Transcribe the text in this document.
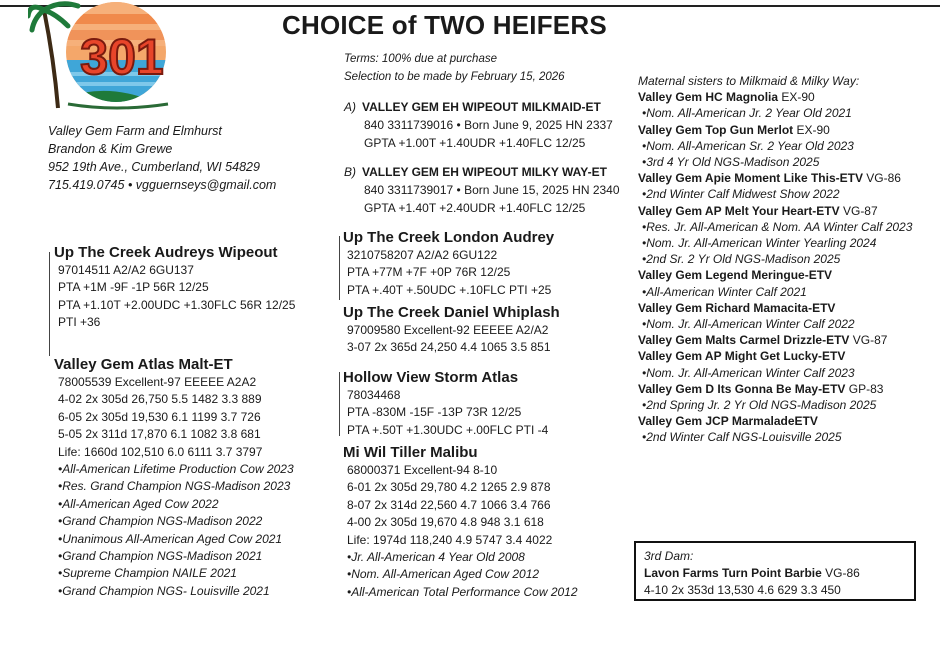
301
CHOICE of TWO HEIFERS
Valley Gem Farm and Elmhurst
Brandon & Kim Grewe
952 19th Ave., Cumberland, WI 54829
715.419.0745 • vgguernseys@gmail.com
Terms: 100% due at purchase
Selection to be made by February 15, 2026
A) VALLEY GEM EH WIPEOUT MILKMAID-ET
840 3311739016 • Born June 9, 2025 HN 2337
GPTA +1.00T +1.40UDR +1.40FLC 12/25
B) VALLEY GEM EH WIPEOUT MILKY WAY-ET
840 3311739017 • Born June 15, 2025 HN 2340
GPTA +1.40T +2.40UDR +1.40FLC 12/25
Up The Creek Audreys Wipeout
97014511 A2/A2 6GU137
PTA +1M -9F -1P 56R 12/25
PTA +1.10T +2.00UDC +1.30FLC 56R 12/25
PTI +36
Valley Gem Atlas Malt-ET
78005539 Excellent-97 EEEEE A2A2
4-02 2x 305d 26,750 5.5 1482 3.3 889
6-05 2x 305d 19,530 6.1 1199 3.7 726
5-05 2x 311d 17,870 6.1 1082 3.8 681
Life: 1660d 102,510 6.0 6111 3.7 3797
•All-American Lifetime Production Cow 2023
•Res. Grand Champion NGS-Madison 2023
•All-American Aged Cow 2022
•Grand Champion NGS-Madison 2022
•Unanimous All-American Aged Cow 2021
•Grand Champion NGS-Madison 2021
•Supreme Champion NAILE 2021
•Grand Champion NGS- Louisville 2021
Up The Creek London Audrey
3210758207 A2/A2 6GU122
PTA +77M +7F +0P 76R 12/25
PTA +.40T +.50UDC +.10FLC PTI +25
Up The Creek Daniel Whiplash
97009580 Excellent-92 EEEEE A2/A2
3-07 2x 365d 24,250 4.4 1065 3.5 851
Hollow View Storm Atlas
78034468
PTA -830M -15F -13P 73R 12/25
PTA +.50T +1.30UDC +.00FLC PTI -4
Mi Wil Tiller Malibu
68000371 Excellent-94 8-10
6-01 2x 305d 29,780 4.2 1265 2.9 878
8-07 2x 314d 22,560 4.7 1066 3.4 766
4-00 2x 305d 19,670 4.8 948 3.1 618
Life: 1974d 118,240 4.9 5747 3.4 4022
•Jr. All-American 4 Year Old 2008
•Nom. All-American Aged Cow 2012
•All-American Total Performance Cow 2012
Maternal sisters to Milkmaid & Milky Way:
Valley Gem HC Magnolia EX-90
•Nom. All-American Jr. 2 Year Old 2021
Valley Gem Top Gun Merlot EX-90
•Nom. All-American Sr. 2 Year Old 2023
•3rd 4 Yr Old NGS-Madison 2025
Valley Gem Apie Moment Like This-ETV VG-86
•2nd Winter Calf Midwest Show 2022
Valley Gem AP Melt Your Heart-ETV VG-87
•Res. Jr. All-American & Nom. AA Winter Calf 2023
•Nom. Jr. All-American Winter Yearling 2024
•2nd Sr. 2 Yr Old NGS-Madison 2025
Valley Gem Legend Meringue-ETV
•All-American Winter Calf 2021
Valley Gem Richard Mamacita-ETV
•Nom. Jr. All-American Winter Calf 2022
Valley Gem Malts Carmel Drizzle-ETV VG-87
Valley Gem AP Might Get Lucky-ETV
•Nom. Jr. All-American Winter Calf 2023
Valley Gem D Its Gonna Be May-ETV GP-83
•2nd Spring Jr. 2 Yr Old NGS-Madison 2025
Valley Gem JCP MarmaladeETV
•2nd Winter Calf NGS-Louisville 2025
3rd Dam:
Lavon Farms Turn Point Barbie VG-86
4-10 2x 353d 13,530 4.6 629 3.3 450
